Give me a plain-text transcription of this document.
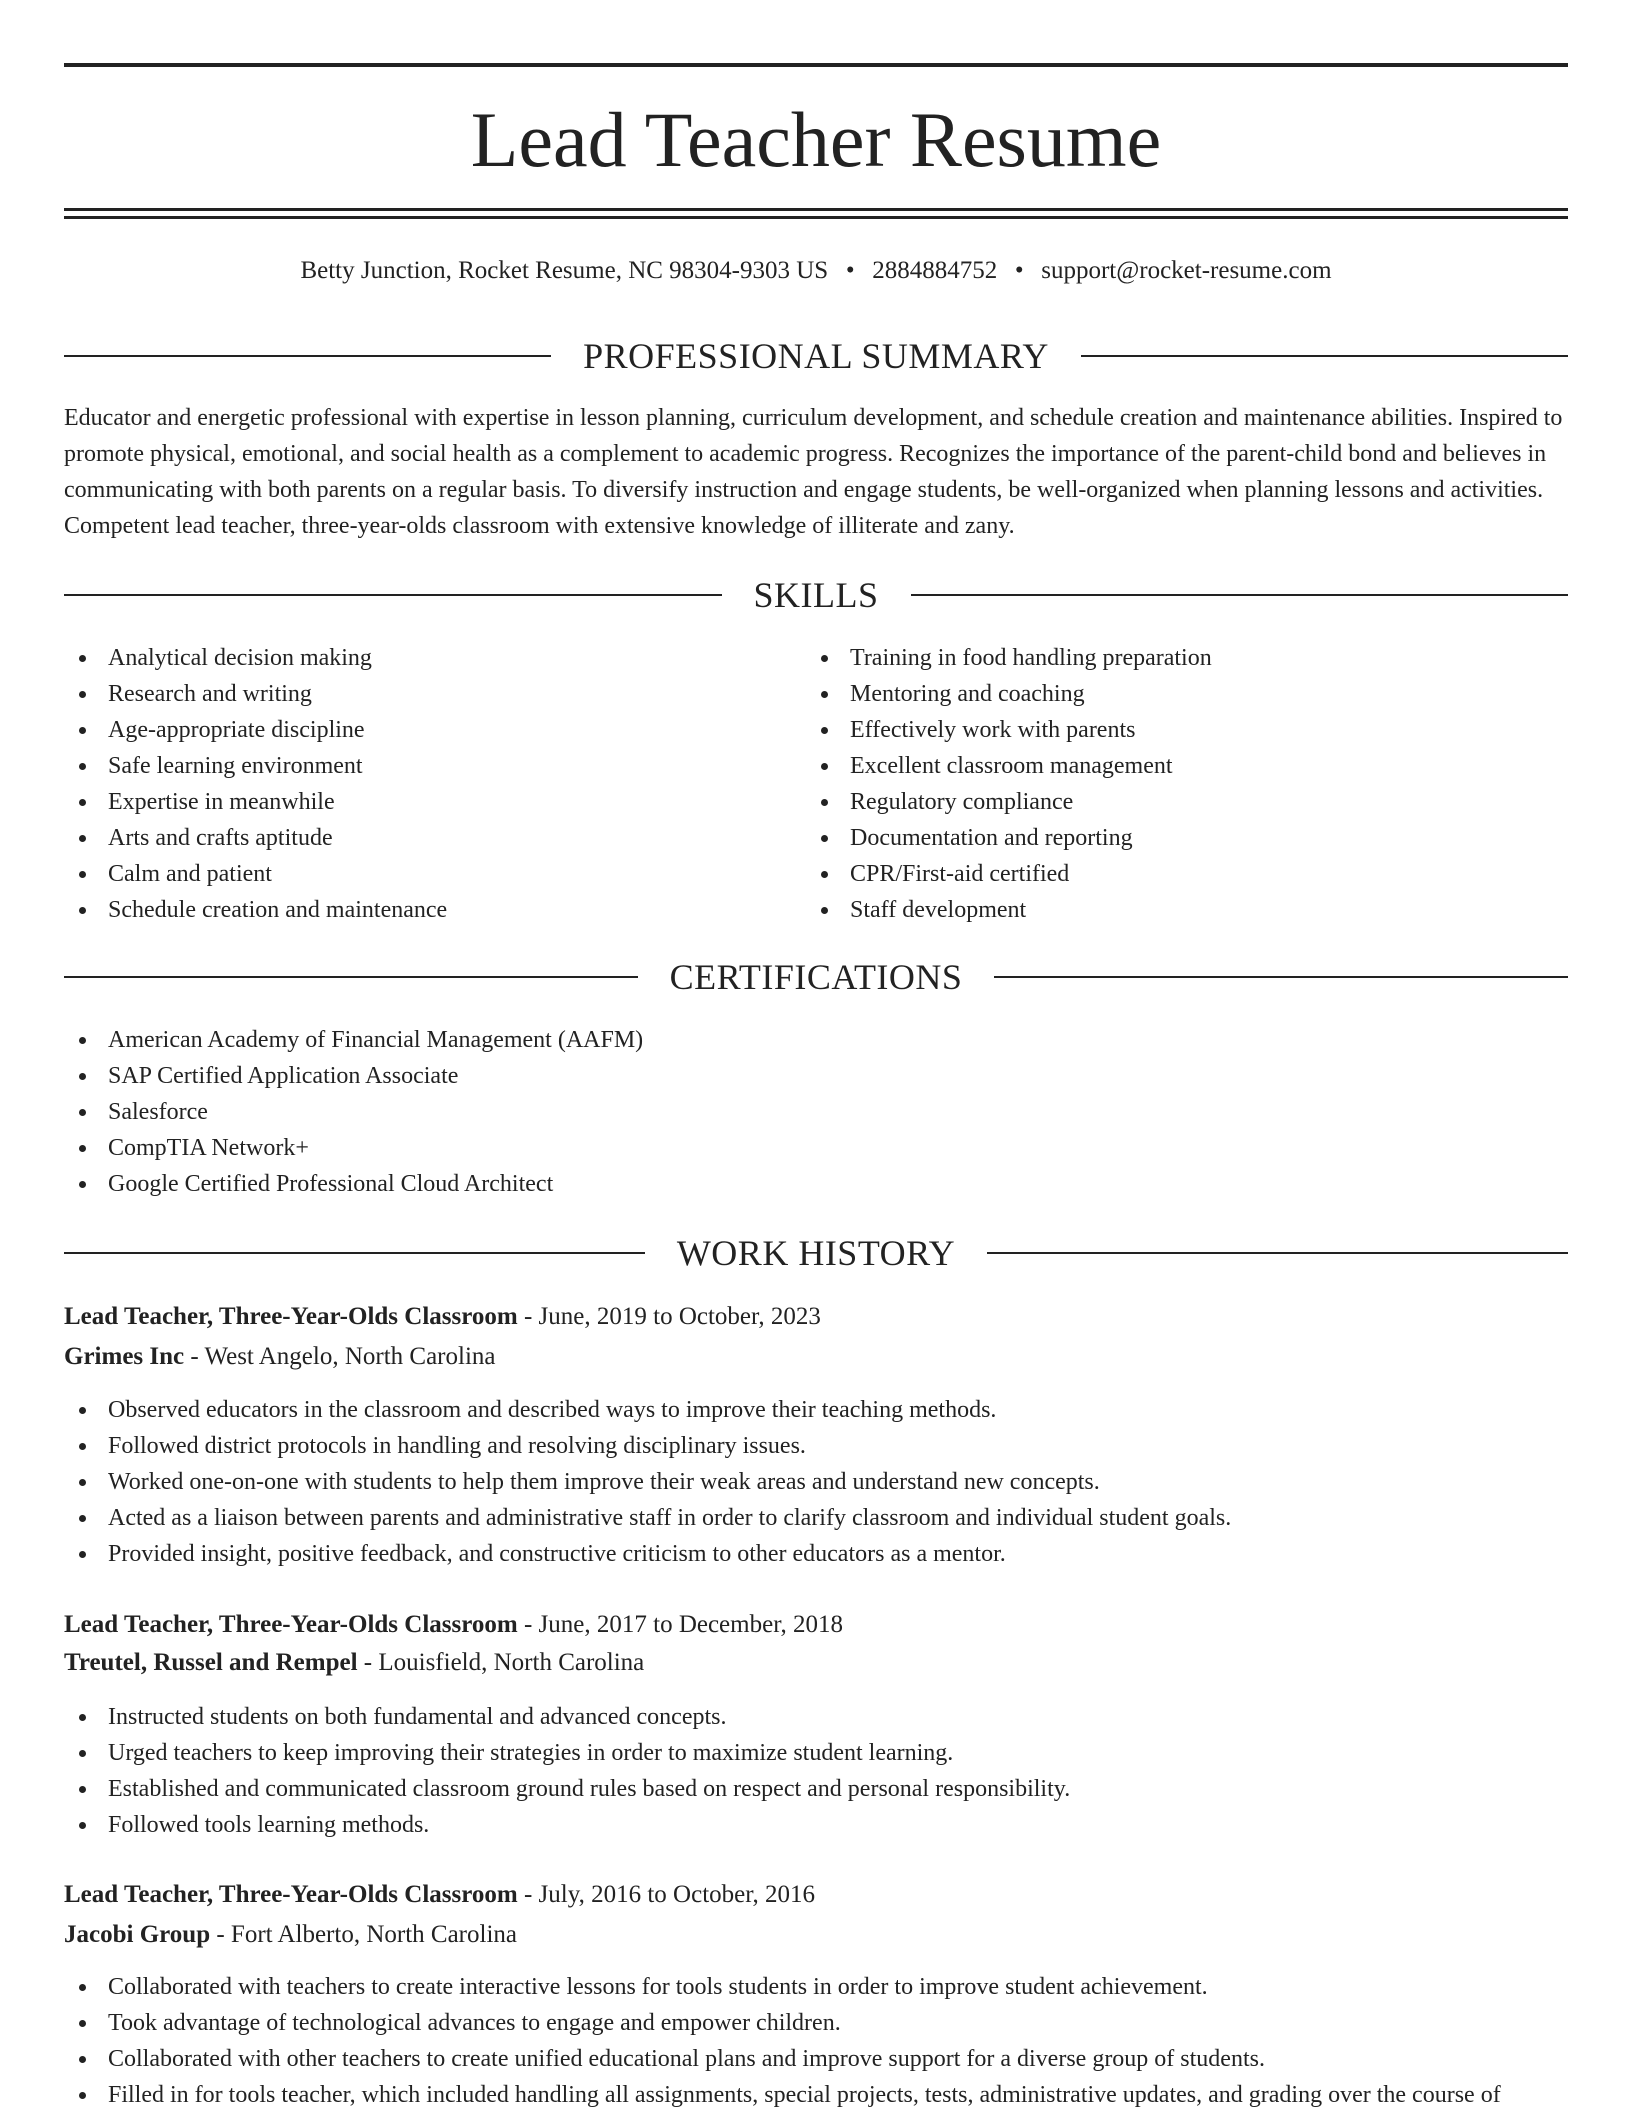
Lead Teacher Resume
Betty Junction, Rocket Resume, NC 98304-9303 US • 2884884752 • support@rocket-resume.com
PROFESSIONAL SUMMARY
Educator and energetic professional with expertise in lesson planning, curriculum development, and schedule creation and maintenance abilities. Inspired to promote physical, emotional, and social health as a complement to academic progress. Recognizes the importance of the parent-child bond and believes in communicating with both parents on a regular basis. To diversify instruction and engage students, be well-organized when planning lessons and activities. Competent lead teacher, three-year-olds classroom with extensive knowledge of illiterate and zany.
SKILLS
Analytical decision making
Research and writing
Age-appropriate discipline
Safe learning environment
Expertise in meanwhile
Arts and crafts aptitude
Calm and patient
Schedule creation and maintenance
Training in food handling preparation
Mentoring and coaching
Effectively work with parents
Excellent classroom management
Regulatory compliance
Documentation and reporting
CPR/First-aid certified
Staff development
CERTIFICATIONS
American Academy of Financial Management (AAFM)
SAP Certified Application Associate
Salesforce
CompTIA Network+
Google Certified Professional Cloud Architect
WORK HISTORY
Lead Teacher, Three-Year-Olds Classroom - June, 2019 to October, 2023
Grimes Inc - West Angelo, North Carolina
Observed educators in the classroom and described ways to improve their teaching methods.
Followed district protocols in handling and resolving disciplinary issues.
Worked one-on-one with students to help them improve their weak areas and understand new concepts.
Acted as a liaison between parents and administrative staff in order to clarify classroom and individual student goals.
Provided insight, positive feedback, and constructive criticism to other educators as a mentor.
Lead Teacher, Three-Year-Olds Classroom - June, 2017 to December, 2018
Treutel, Russel and Rempel - Louisfield, North Carolina
Instructed students on both fundamental and advanced concepts.
Urged teachers to keep improving their strategies in order to maximize student learning.
Established and communicated classroom ground rules based on respect and personal responsibility.
Followed tools learning methods.
Lead Teacher, Three-Year-Olds Classroom - July, 2016 to October, 2016
Jacobi Group - Fort Alberto, North Carolina
Collaborated with teachers to create interactive lessons for tools students in order to improve student achievement.
Took advantage of technological advances to engage and empower children.
Collaborated with other teachers to create unified educational plans and improve support for a diverse group of students.
Filled in for tools teacher, which included handling all assignments, special projects, tests, administrative updates, and grading over the course of
